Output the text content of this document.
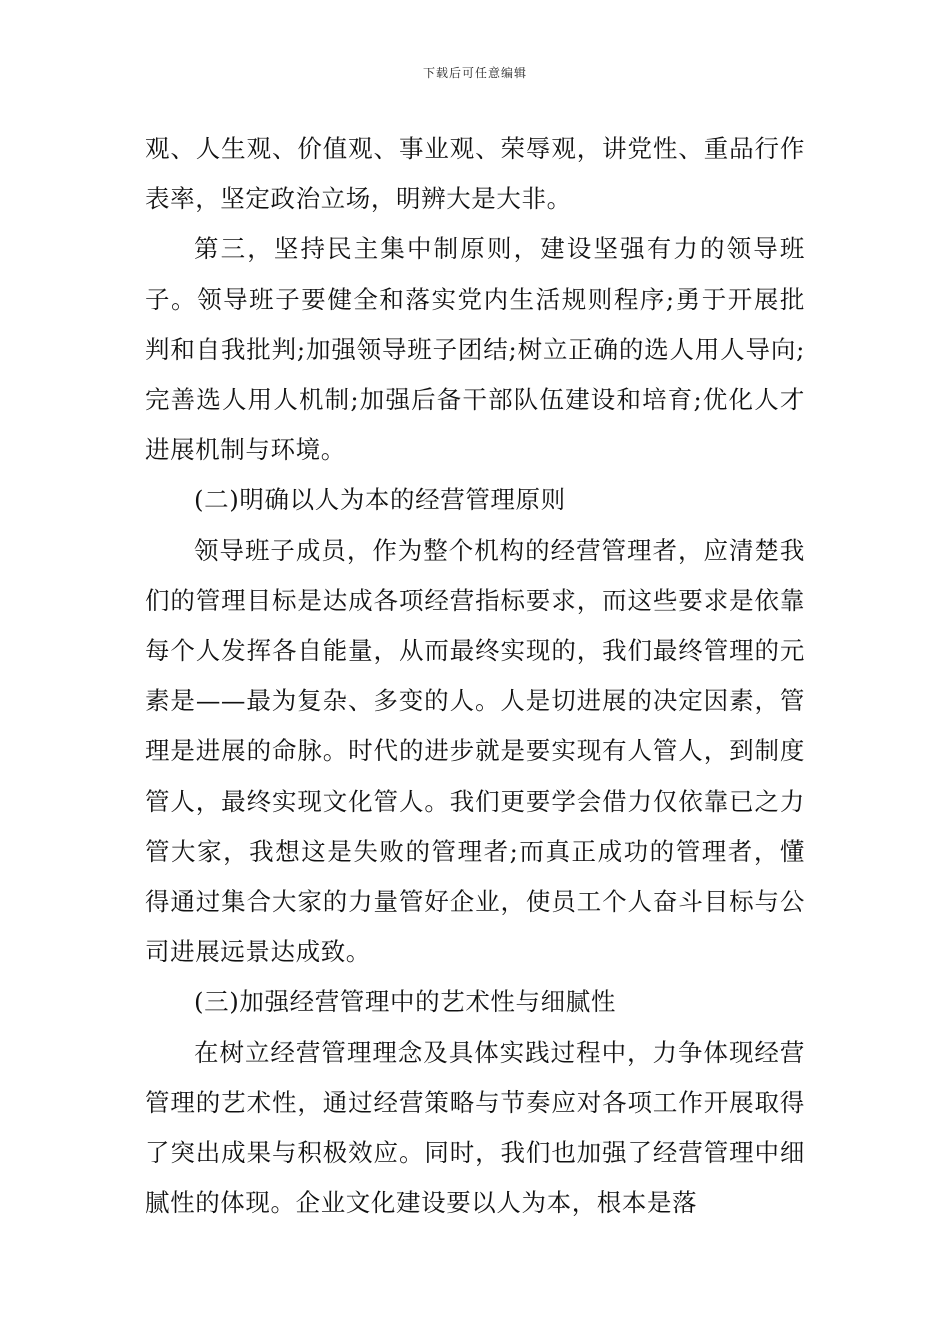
下载后可任意编辑

观、人生观、价值观、事业观、荣辱观，讲党性、重品行作表率，坚定政治立场，明辨大是大非。

第三，坚持民主集中制原则，建设坚强有力的领导班子。领导班子要健全和落实党内生活规则程序;勇于开展批判和自我批判;加强领导班子团结;树立正确的选人用人导向;完善选人用人机制;加强后备干部队伍建设和培育;优化人才进展机制与环境。

(二)明确以人为本的经营管理原则

领导班子成员，作为整个机构的经营管理者，应清楚我们的管理目标是达成各项经营指标要求，而这些要求是依靠每个人发挥各自能量，从而最终实现的，我们最终管理的元素是——最为复杂、多变的人。人是切进展的决定因素，管理是进展的命脉。时代的进步就是要实现有人管人，到制度管人，最终实现文化管人。我们更要学会借力仅依靠已之力管大家，我想这是失败的管理者;而真正成功的管理者，懂得通过集合大家的力量管好企业，使员工个人奋斗目标与公司进展远景达成致。

(三)加强经营管理中的艺术性与细腻性

在树立经营管理理念及具体实践过程中，力争体现经营管理的艺术性，通过经营策略与节奏应对各项工作开展取得了突出成果与积极效应。同时，我们也加强了经营管理中细腻性的体现。企业文化建设要以人为本，根本是落
